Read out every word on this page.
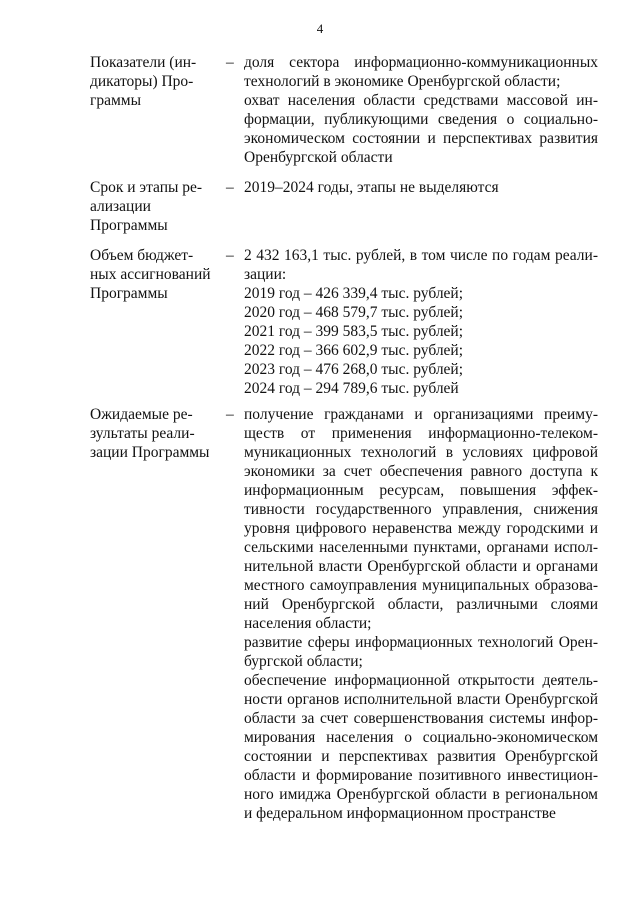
4
Показатели (ин-
дикаторы) Про-
граммы
– доля сектора информационно-коммуникационных
технологий в экономике Оренбургской области;
охват населения области средствами массовой ин-
формации, публикующими сведения о социально-
экономическом состоянии и перспективах развития
Оренбургской области
Срок и этапы ре-
ализации
Программы
– 2019–2024 годы, этапы не выделяются
Объем бюджет-
ных ассигнований
Программы
– 2 432 163,1 тыс. рублей, в том числе по годам реали-
зации:
2019 год – 426 339,4 тыс. рублей;
2020 год – 468 579,7 тыс. рублей;
2021 год – 399 583,5 тыс. рублей;
2022 год – 366 602,9 тыс. рублей;
2023 год – 476 268,0 тыс. рублей;
2024 год – 294 789,6 тыс. рублей
Ожидаемые ре-
зультаты реали-
зации Программы
– получение гражданами и организациями преиму-
ществ от применения информационно-телеком-
муникационных технологий в условиях цифровой
экономики за счет обеспечения равного доступа к
информационным ресурсам, повышения эффек-
тивности государственного управления, снижения
уровня цифрового неравенства между городскими и
сельскими населенными пунктами, органами испол-
нительной власти Оренбургской области и органами
местного самоуправления муниципальных образова-
ний Оренбургской области, различными слоями
населения области;
развитие сферы информационных технологий Орен-
бургской области;
обеспечение информационной открытости деятель-
ности органов исполнительной власти Оренбургской
области за счет совершенствования системы инфор-
мирования населения о социально-экономическом
состоянии и перспективах развития Оренбургской
области и формирование позитивного инвестицион-
ного имиджа Оренбургской области в региональном
и федеральном информационном пространстве
